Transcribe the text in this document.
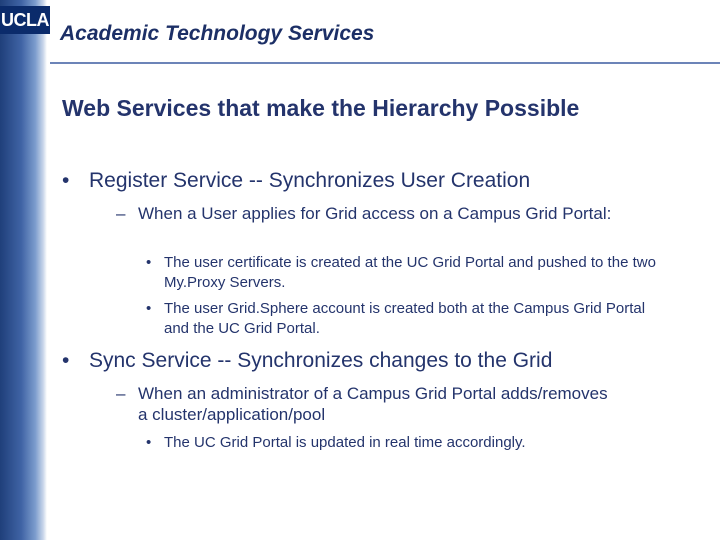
UCLA
Academic Technology Services
Web Services that make the Hierarchy Possible
• Register Service -- Synchronizes User Creation
– When a User applies for Grid access on a Campus Grid Portal:
• The user certificate is created at the UC Grid Portal and pushed to the two My.Proxy Servers.
• The user Grid.Sphere account is created both at the Campus Grid Portal and the UC Grid Portal.
• Sync Service -- Synchronizes changes to the Grid
– When an administrator of a Campus Grid Portal adds/removes a cluster/application/pool
• The UC Grid Portal is updated in real time accordingly.
